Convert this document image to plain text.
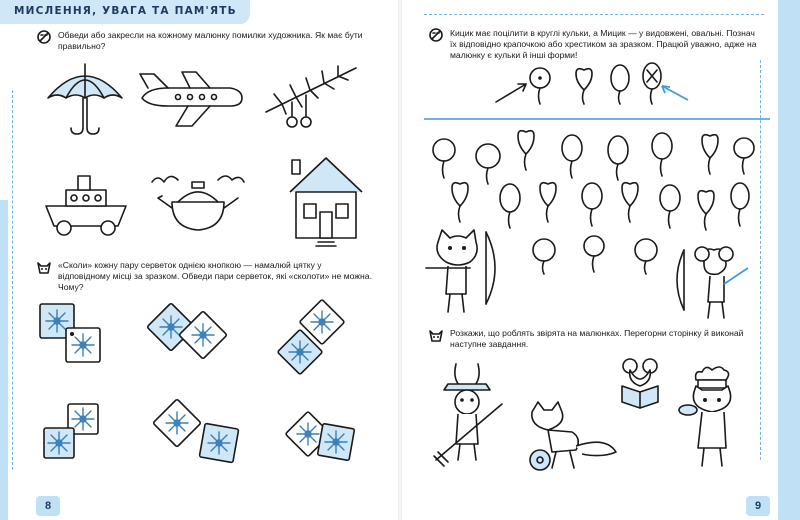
МИСЛЕННЯ, УВАГА ТА ПАМ'ЯТЬ
Обведи або закресли на кожному малюнку помилки художника. Як має бути правильно?
«Сколи» кожну пару серветок однією кнопкою — намалюй цятку у відповідному місці за зразком. Обведи пари серветок, які «сколоти» не можна. Чому?
8
Кицик має поцілити в круглі кульки, а Мицик — у видовжені, овальні. Познач їх відповідно крапочкою або хрестиком за зразком. Працюй уважно, адже на малюнку є кульки й інші форми!
Розкажи, що роблять звірята на малюнках. Перегорни сторінку й виконай наступне завдання.
9
